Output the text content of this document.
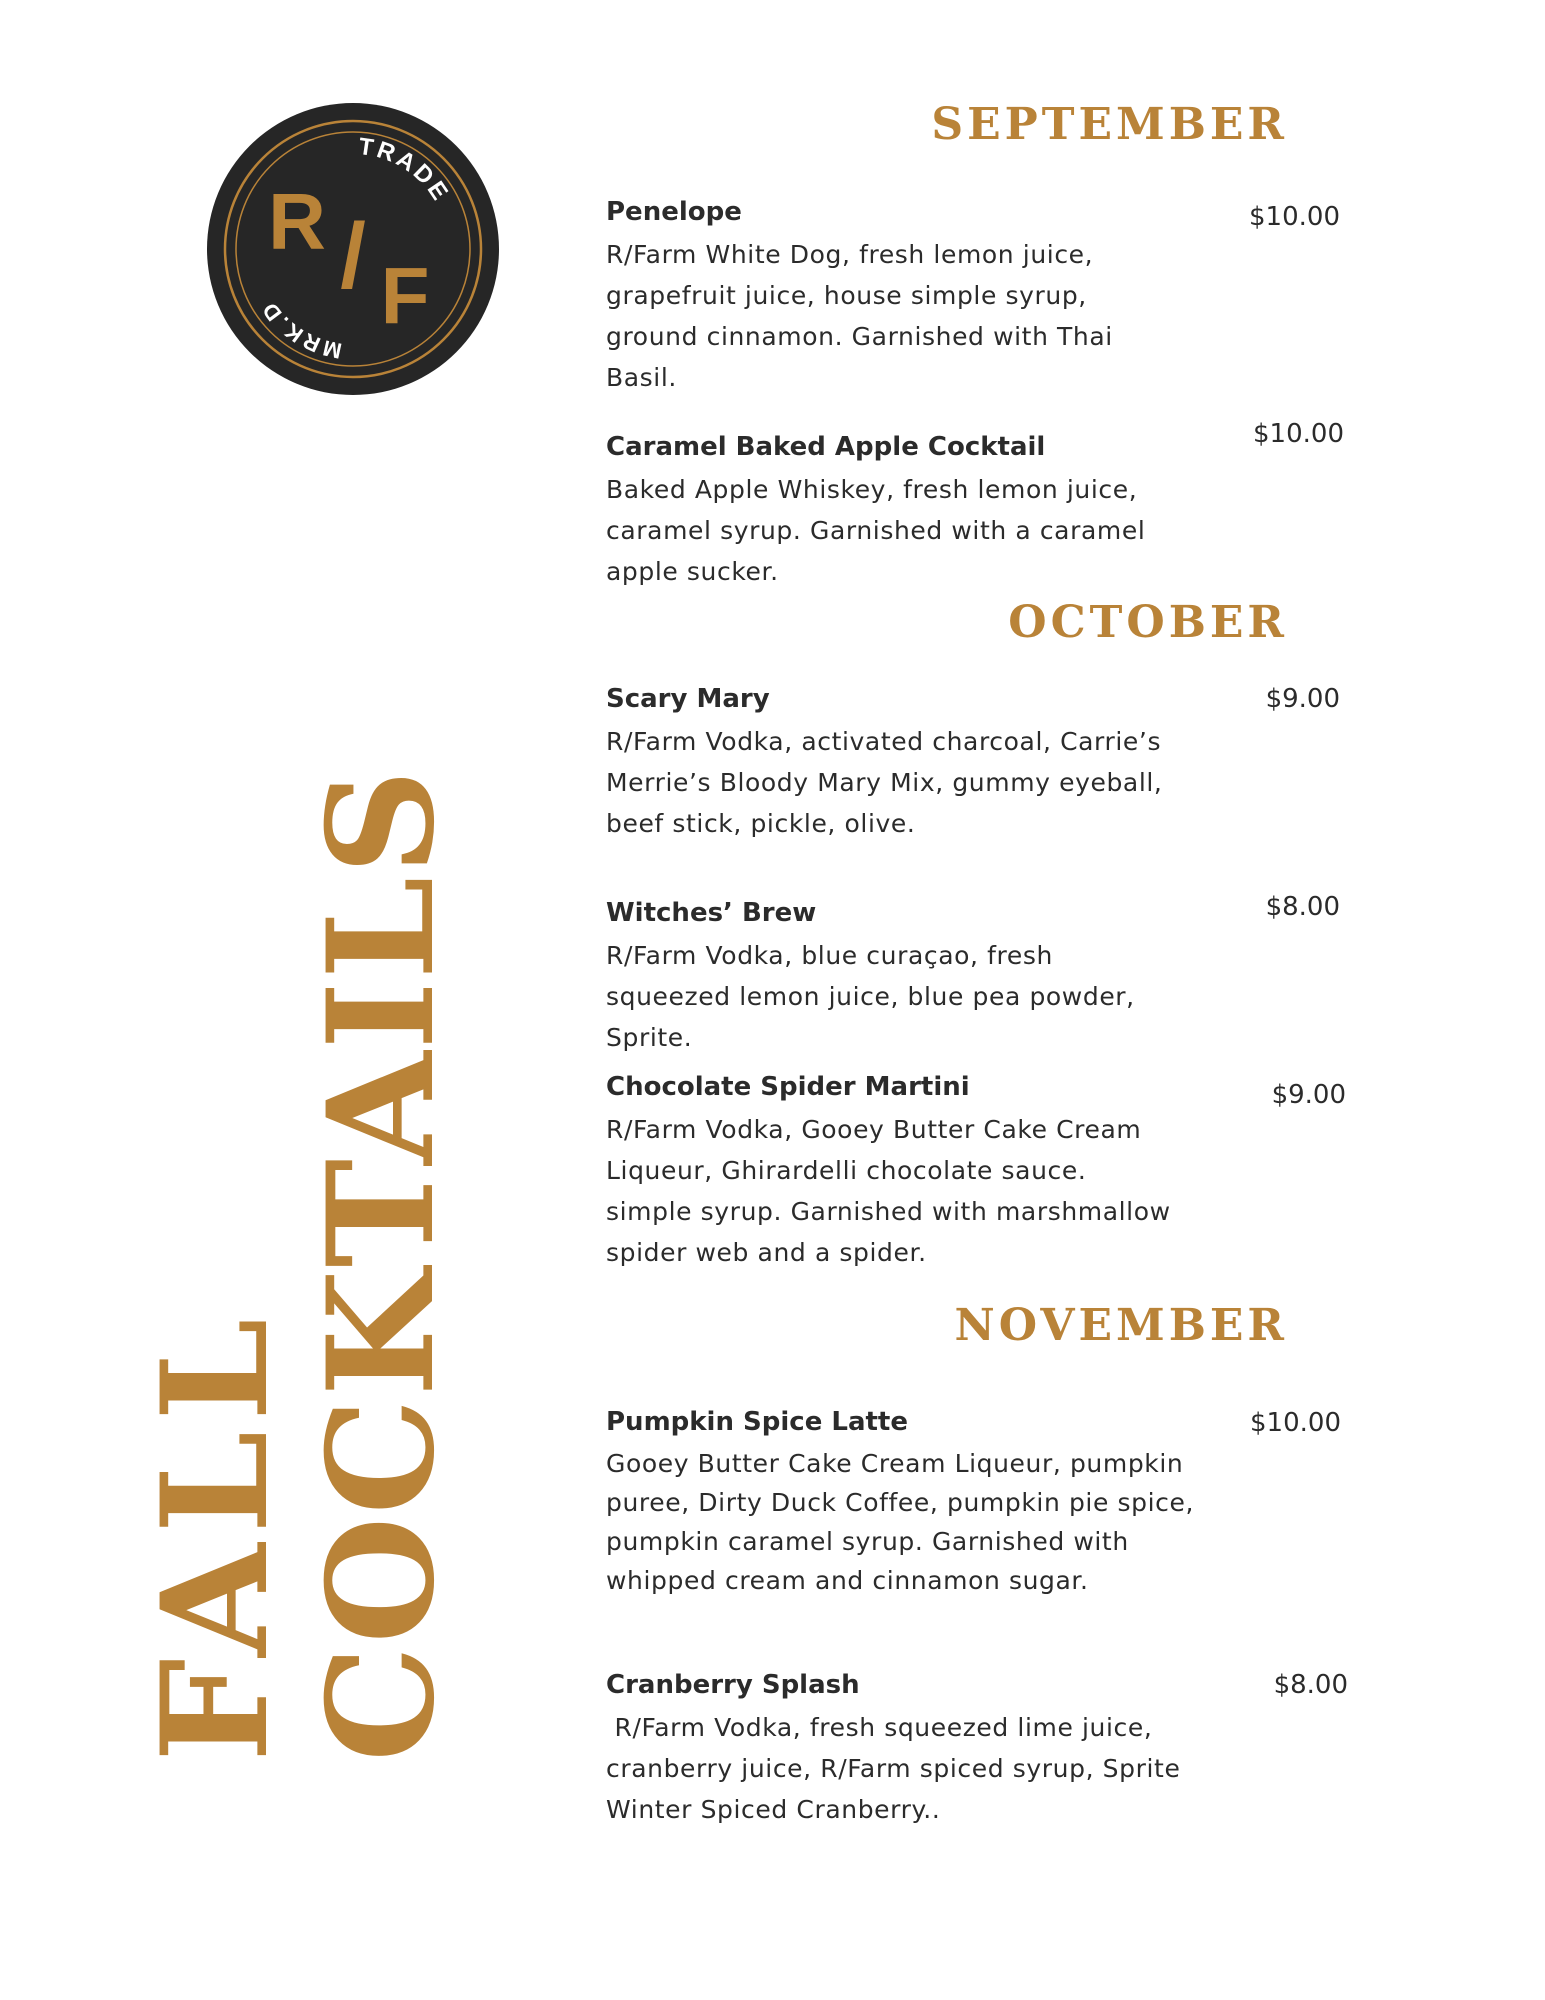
TRADE
MRK.D
R / F
FALL
COCKTAILS
SEPTEMBER
OCTOBER
NOVEMBER
Penelope
R/Farm White Dog, fresh lemon juice, grapefruit juice, house simple syrup, ground cinnamon. Garnished with Thai Basil.
$10.00
Caramel Baked Apple Cocktail
Baked Apple Whiskey, fresh lemon juice, caramel syrup. Garnished with a caramel apple sucker.
$10.00
Scary Mary
R/Farm Vodka, activated charcoal, Carrie’s Merrie’s Bloody Mary Mix, gummy eyeball, beef stick, pickle, olive.
$9.00
Witches’ Brew
R/Farm Vodka, blue curaçao, fresh squeezed lemon juice, blue pea powder, Sprite.
$8.00
Chocolate Spider Martini
R/Farm Vodka, Gooey Butter Cake Cream Liqueur, Ghirardelli chocolate sauce. simple syrup. Garnished with marshmallow spider web and a spider.
$9.00
Pumpkin Spice Latte
Gooey Butter Cake Cream Liqueur, pumpkin puree, Dirty Duck Coffee, pumpkin pie spice, pumpkin caramel syrup. Garnished with whipped cream and cinnamon sugar.
$10.00
Cranberry Splash
R/Farm Vodka, fresh squeezed lime juice, cranberry juice, R/Farm spiced syrup, Sprite Winter Spiced Cranberry..
$8.00
